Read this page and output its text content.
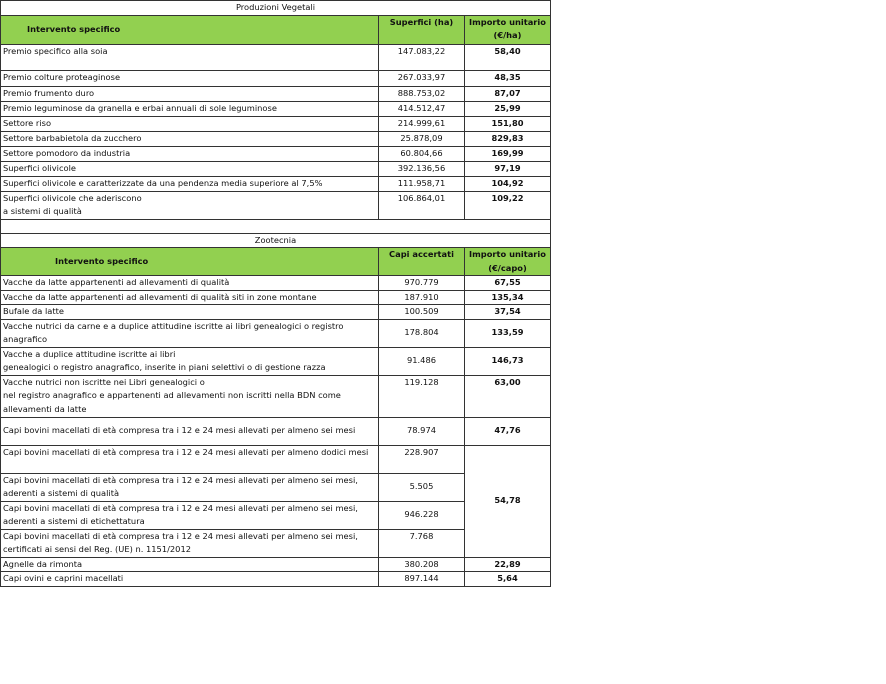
Produzioni Vegetali		
Intervento specifico	Superfici (ha)	Importo unitario (€/ha)
Premio specifico alla soia	147.083,22	58,40
Premio colture proteaginose	267.033,97	48,35
Premio frumento duro	888.753,02	87,07
Premio leguminose da granella e erbai annuali di sole leguminose	414.512,47	25,99
Settore riso	214.999,61	151,80
Settore barbabietola da zucchero	25.878,09	829,83
Settore pomodoro da industria	60.804,66	169,99
Superfici olivicole	392.136,56	97,19
Superfici olivicole e caratterizzate da una pendenza media superiore al 7,5%	111.958,71	104,92
Superfici olivicole che aderiscono
a sistemi di qualità	106.864,01	109,22

Zootecnia		
Intervento specifico	Capi accertati	Importo unitario (€/capo)
Vacche da latte appartenenti ad allevamenti di qualità	970.779	67,55
Vacche da latte appartenenti ad allevamenti di qualità siti in zone montane	187.910	135,34
Bufale da latte	100.509	37,54
Vacche nutrici da carne e a duplice attitudine iscritte ai libri genealogici o registro anagrafico	178.804	133,59
Vacche a duplice attitudine iscritte ai libri
genealogici o registro anagrafico, inserite in piani selettivi o di gestione razza	91.486	146,73
Vacche nutrici non iscritte nei Libri genealogici o
nel registro anagrafico e appartenenti ad allevamenti non iscritti nella BDN come allevamenti da latte	119.128	63,00
Capi bovini macellati di età compresa tra i 12 e 24 mesi allevati per almeno sei mesi	78.974	47,76
Capi bovini macellati di età compresa tra i 12 e 24 mesi allevati per almeno dodici mesi	228.907	54,78
Capi bovini macellati di età compresa tra i 12 e 24 mesi allevati per almeno sei mesi, aderenti a sistemi di qualità	5.505	
Capi bovini macellati di età compresa tra i 12 e 24 mesi allevati per almeno sei mesi, aderenti a sistemi di etichettatura	946.228	
Capi bovini macellati di età compresa tra i 12 e 24 mesi allevati per almeno sei mesi, certificati ai sensi del Reg. (UE) n. 1151/2012	7.768	
Agnelle da rimonta	380.208	22,89
Capi ovini e caprini macellati	897.144	5,64
